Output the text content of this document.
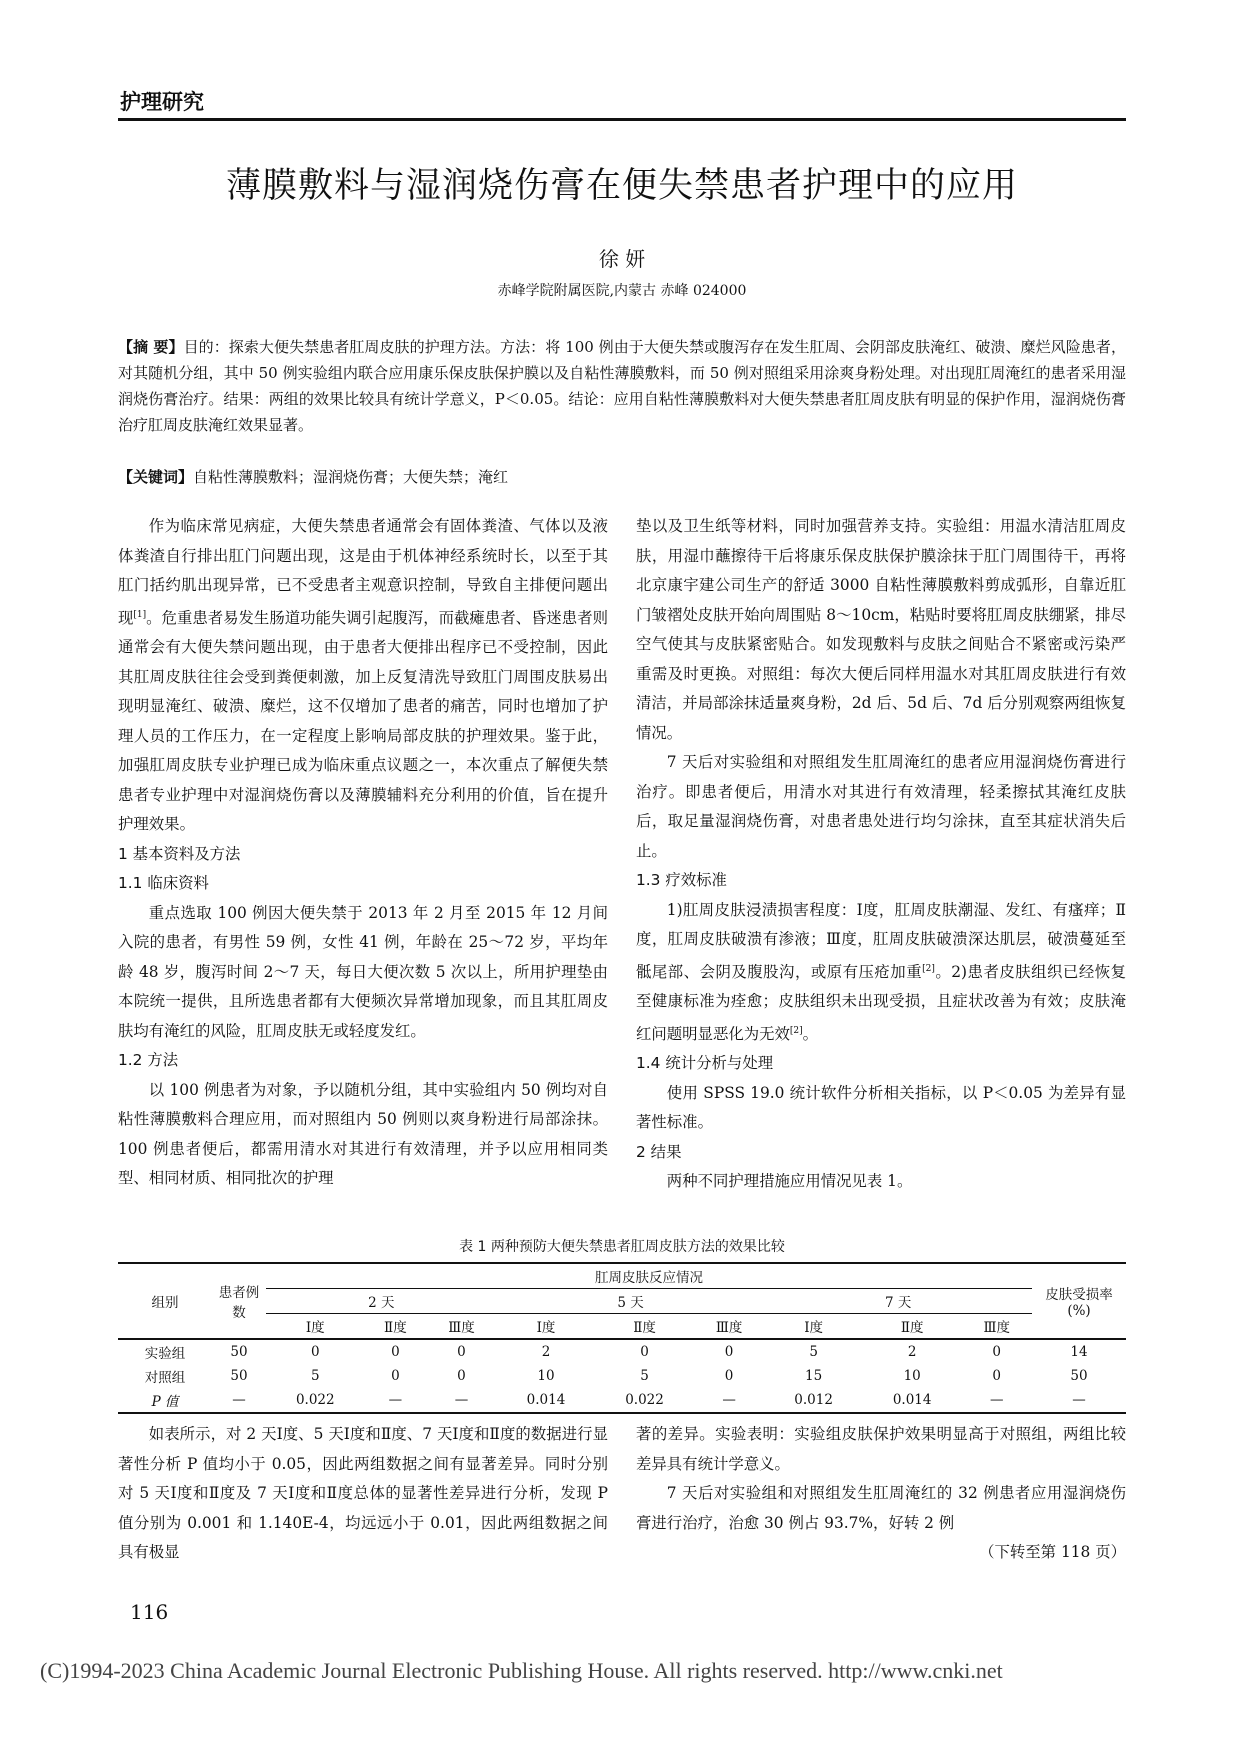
护理研究
薄膜敷料与湿润烧伤膏在便失禁患者护理中的应用
徐 妍
赤峰学院附属医院,内蒙古 赤峰 024000
【摘 要】目的：探索大便失禁患者肛周皮肤的护理方法。方法：将 100 例由于大便失禁或腹泻存在发生肛周、会阴部皮肤淹红、破溃、糜烂风险患者，对其随机分组，其中 50 例实验组内联合应用康乐保皮肤保护膜以及自粘性薄膜敷料，而 50 例对照组采用涂爽身粉处理。对出现肛周淹红的患者采用湿润烧伤膏治疗。结果：两组的效果比较具有统计学意义，P＜0.05。结论：应用自粘性薄膜敷料对大便失禁患者肛周皮肤有明显的保护作用，湿润烧伤膏治疗肛周皮肤淹红效果显著。
【关键词】自粘性薄膜敷料；湿润烧伤膏；大便失禁；淹红

作为临床常见病症，大便失禁患者通常会有固体粪渣、气体以及液体粪渣自行排出肛门问题出现，这是由于机体神经系统时长，以至于其肛门括约肌出现异常，已不受患者主观意识控制，导致自主排便问题出现[1]。危重患者易发生肠道功能失调引起腹泻，而截瘫患者、昏迷患者则通常会有大便失禁问题出现，由于患者大便排出程序已不受控制，因此其肛周皮肤往往会受到粪便刺激，加上反复清洗导致肛门周围皮肤易出现明显淹红、破溃、糜烂，这不仅增加了患者的痛苦，同时也增加了护理人员的工作压力，在一定程度上影响局部皮肤的护理效果。鉴于此，加强肛周皮肤专业护理已成为临床重点议题之一，本次重点了解便失禁患者专业护理中对湿润烧伤膏以及薄膜辅料充分利用的价值，旨在提升护理效果。

1 基本资料及方法

1.1 临床资料

重点选取 100 例因大便失禁于 2013 年 2 月至 2015 年 12 月间入院的患者，有男性 59 例，女性 41 例，年龄在 25～72 岁，平均年龄 48 岁，腹泻时间 2～7 天，每日大便次数 5 次以上，所用护理垫由本院统一提供，且所选患者都有大便频次异常增加现象，而且其肛周皮肤均有淹红的风险，肛周皮肤无或轻度发红。

1.2 方法

以 100 例患者为对象，予以随机分组，其中实验组内 50 例均对自粘性薄膜敷料合理应用，而对照组内 50 例则以爽身粉进行局部涂抹。100 例患者便后，都需用清水对其进行有效清理，并予以应用相同类型、相同材质、相同批次的护理

垫以及卫生纸等材料，同时加强营养支持。实验组：用温水清洁肛周皮肤，用湿巾蘸擦待干后将康乐保皮肤保护膜涂抹于肛门周围待干，再将北京康宇建公司生产的舒适 3000 自粘性薄膜敷料剪成弧形，自靠近肛门皱褶处皮肤开始向周围贴 8～10cm，粘贴时要将肛周皮肤绷紧，排尽空气使其与皮肤紧密贴合。如发现敷料与皮肤之间贴合不紧密或污染严重需及时更换。对照组：每次大便后同样用温水对其肛周皮肤进行有效清洁，并局部涂抹适量爽身粉，2d 后、5d 后、7d 后分别观察两组恢复情况。

7 天后对实验组和对照组发生肛周淹红的患者应用湿润烧伤膏进行治疗。即患者便后，用清水对其进行有效清理，轻柔擦拭其淹红皮肤后，取足量湿润烧伤膏，对患者患处进行均匀涂抹，直至其症状消失后止。

1.3 疗效标准

1)肛周皮肤浸渍损害程度：Ⅰ度，肛周皮肤潮湿、发红、有瘙痒；Ⅱ度，肛周皮肤破溃有渗液；Ⅲ度，肛周皮肤破溃深达肌层，破溃蔓延至骶尾部、会阴及腹股沟，或原有压疮加重[2]。2)患者皮肤组织已经恢复至健康标准为痊愈；皮肤组织未出现受损，且症状改善为有效；皮肤淹红问题明显恶化为无效[2]。

1.4 统计分析与处理

使用 SPSS 19.0 统计软件分析相关指标，以 P＜0.05 为差异有显著性标准。

2 结果

两种不同护理措施应用情况见表 1。

表 1 两种预防大便失禁患者肛周皮肤方法的效果比较
组别	患者例数	肛周皮肤反应情况									皮肤受损率(%)
		2 天			5 天			7 天			
		Ⅰ度	Ⅱ度	Ⅲ度	Ⅰ度	Ⅱ度	Ⅲ度	Ⅰ度	Ⅱ度	Ⅲ度	
实验组	50	0	0	0	2	0	0	5	2	0	14
对照组	50	5	0	0	10	5	0	15	10	0	50
P 值	—	0.022	—	—	0.014	0.022	—	0.012	0.014	—	—

如表所示，对 2 天Ⅰ度、5 天Ⅰ度和Ⅱ度、7 天Ⅰ度和Ⅱ度的数据进行显著性分析 P 值均小于 0.05，因此两组数据之间有显著差异。同时分别对 5 天Ⅰ度和Ⅱ度及 7 天Ⅰ度和Ⅱ度总体的显著性差异进行分析，发现 P 值分别为 0.001 和 1.140E-4，均远远小于 0.01，因此两组数据之间具有极显

著的差异。实验表明：实验组皮肤保护效果明显高于对照组，两组比较差异具有统计学意义。

7 天后对实验组和对照组发生肛周淹红的 32 例患者应用湿润烧伤膏进行治疗，治愈 30 例占 93.7%，好转 2 例

（下转至第 118 页）

116
(C)1994-2023 China Academic Journal Electronic Publishing House. All rights reserved. http://www.cnki.net
